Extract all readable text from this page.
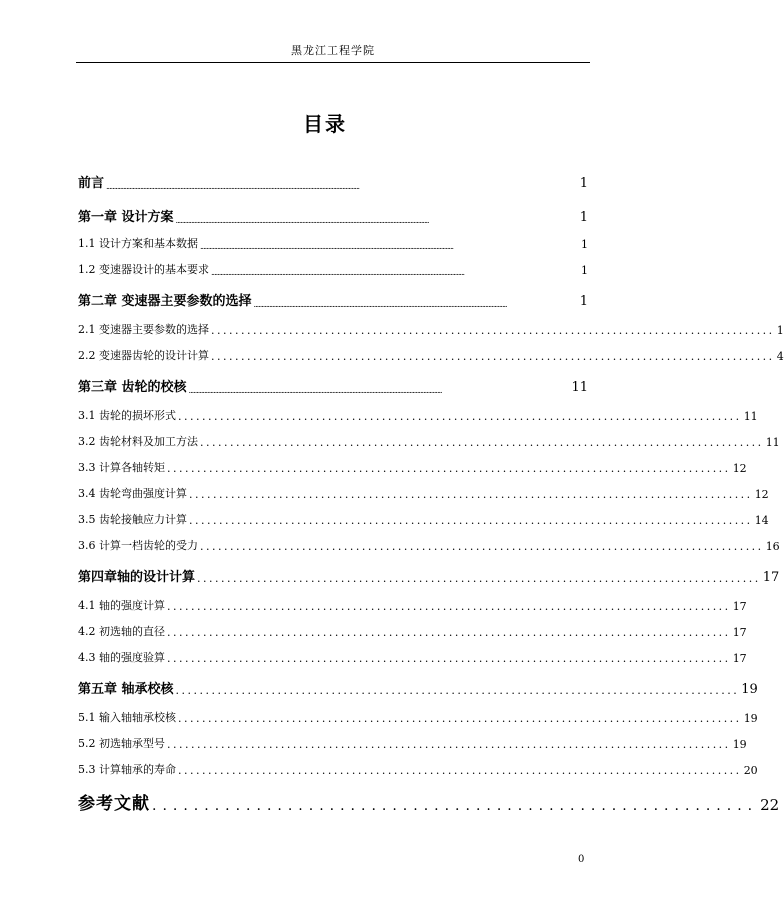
黑龙江工程学院
目录
前言 ....................................................................................................................................................................	1
第一章 设计方案 ....................................................................................................................................................................	1
1.1 设计方案和基本数据 ....................................................................................................................................................................	1
1.2 变速器设计的基本要求 ....................................................................................................................................................................	1
第二章 变速器主要参数的选择 ....................................................................................................................................................................	1
2.1 变速器主要参数的选择 .............................................................................................. 1
2.2 变速器齿轮的设计计算 .............................................................................................. 4
第三章 齿轮的校核 ....................................................................................................................................................................	11
3.1 齿轮的损坏形式 .............................................................................................. 11
3.2 齿轮材料及加工方法 .............................................................................................. 11
3.3 计算各轴转矩 .............................................................................................. 12
3.4 齿轮弯曲强度计算 .............................................................................................. 12
3.5 齿轮接触应力计算 .............................................................................................. 14
3.6 计算一档齿轮的受力 .............................................................................................. 16
第四章轴的设计计算 .............................................................................................. 17
4.1 轴的强度计算 .............................................................................................. 17
4.2 初选轴的直径 .............................................................................................. 17
4.3 轴的强度验算 .............................................................................................. 17
第五章 轴承校核 .............................................................................................. 19
5.1 输入轴轴承校核 .............................................................................................. 19
5.2 初选轴承型号 .............................................................................................. 19
5.3 计算轴承的寿命 .............................................................................................. 20
参考文献 .......................................................... 22
0
